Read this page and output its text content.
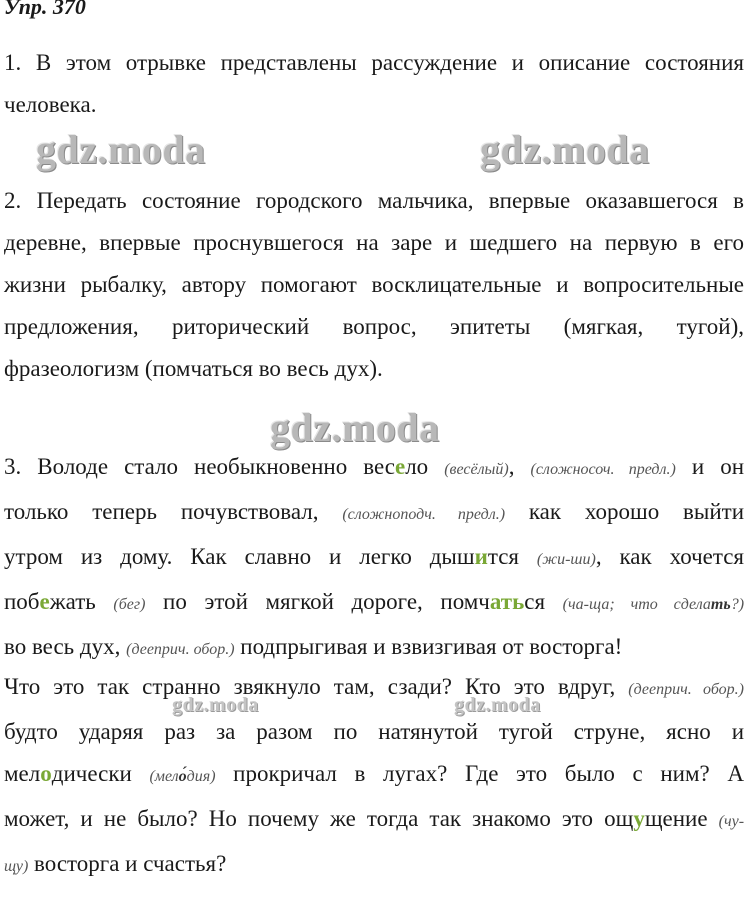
Упр. 370
1. В этом отрывке представлены рассуждение и описание состояния
человека.
gdz.moda	gdz.moda
2. Передать состояние городского мальчика, впервые оказавшегося в
деревне, впервые проснувшегося на заре и шедшего на первую в его
жизни рыбалку, автору помогают восклицательные и вопросительные
предложения, риторический вопрос, эпитеты (мягкая, тугой),
фразеологизм (помчаться во весь дух).
gdz.moda
3. Володе стало необыкновенно весело (весёлый), (сложносоч. предл.) и он
только теперь почувствовал, (сложноподч. предл.) как хорошо выйти
утром из дому. Как славно и легко дышится (жи-ши), как хочется
побежать (бег) по этой мягкой дороге, помчаться (ча-ща; что сделать?)
во весь дух, (дееприч. обор.) подпрыгивая и взвизгивая от восторга!
Что это так странно звякнуло там, сзади? Кто это вдруг, (дееприч. обор.)
будто ударяя раз за разом по натянутой тугой струне, ясно и
мелодически (мело́дия) прокричал в лугах? Где это было с ним? А
может, и не было? Но почему же тогда так знакомо это ощущение (чу-
щу) восторга и счастья?
gdz.moda	gdz.moda
